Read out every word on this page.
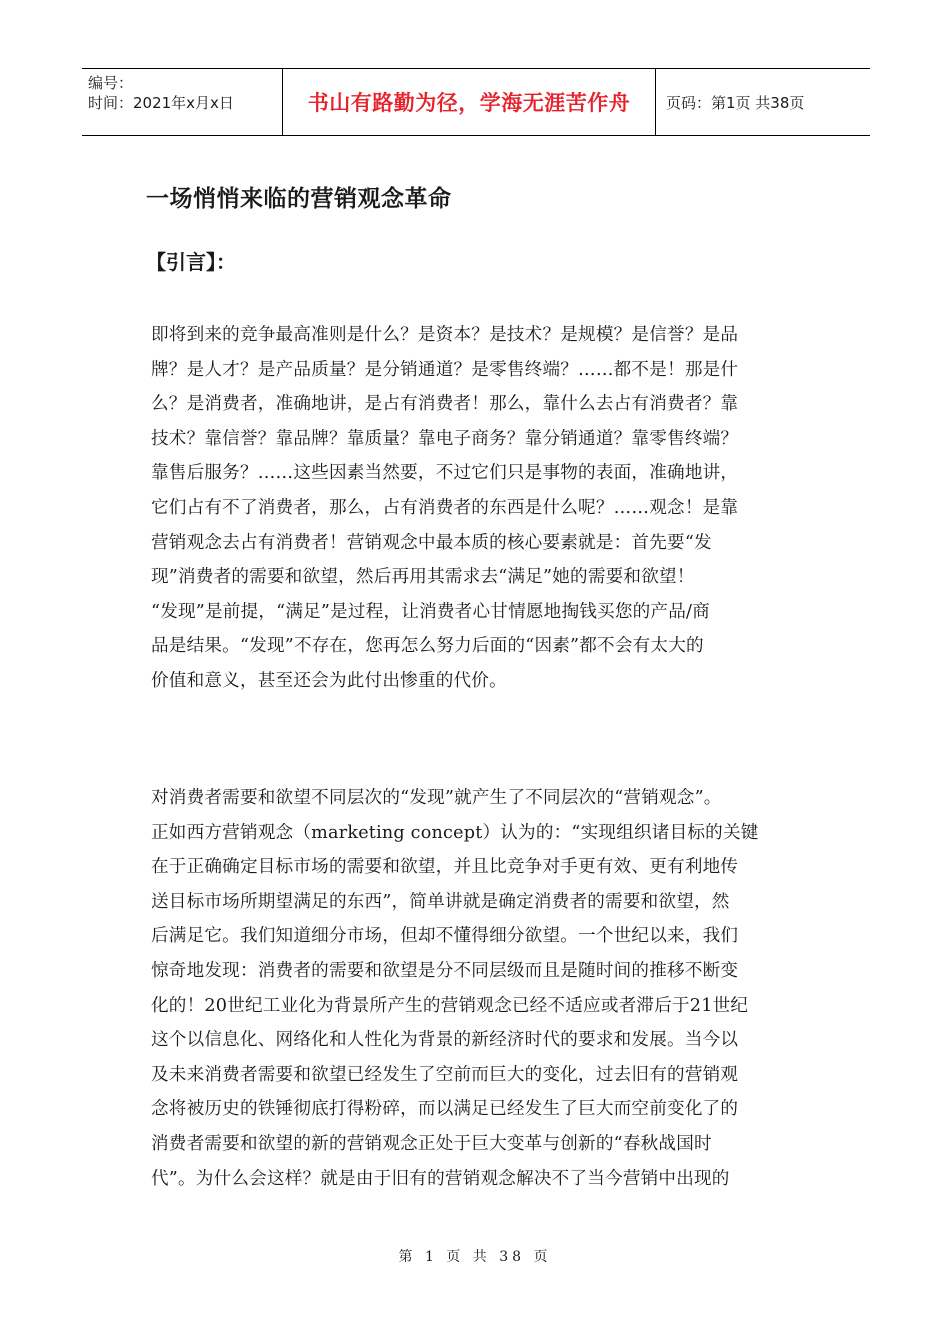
编号：
时间：2021年x月x日	书山有路勤为径，学海无涯苦作舟	页码：第1页 共38页
一场悄悄来临的营销观念革命
【引言】：

即将到来的竞争最高准则是什么？是资本？是技术？是规模？是信誉？是品
牌？是人才？是产品质量？是分销通道？是零售终端？……都不是！那是什
么？是消费者，准确地讲，是占有消费者！那么，靠什么去占有消费者？靠
技术？靠信誉？靠品牌？靠质量？靠电子商务？靠分销通道？靠零售终端？
靠售后服务？……这些因素当然要，不过它们只是事物的表面，准确地讲，
它们占有不了消费者，那么，占有消费者的东西是什么呢？……观念！是靠
营销观念去占有消费者！营销观念中最本质的核心要素就是：首先要“发
现”消费者的需要和欲望，然后再用其需求去“满足”她的需要和欲望！
“发现”是前提，“满足”是过程，让消费者心甘情愿地掏钱买您的产品/商
品是结果。“发现”不存在，您再怎么努力后面的“因素”都不会有太大的
价值和意义，甚至还会为此付出惨重的代价。

对消费者需要和欲望不同层次的“发现”就产生了不同层次的“营销观念”。
正如西方营销观念（marketing concept）认为的：“实现组织诸目标的关键
在于正确确定目标市场的需要和欲望，并且比竞争对手更有效、更有利地传
送目标市场所期望满足的东西”，简单讲就是确定消费者的需要和欲望，然
后满足它。我们知道细分市场，但却不懂得细分欲望。一个世纪以来，我们
惊奇地发现：消费者的需要和欲望是分不同层级而且是随时间的推移不断变
化的！20世纪工业化为背景所产生的营销观念已经不适应或者滞后于21世纪
这个以信息化、网络化和人性化为背景的新经济时代的要求和发展。当今以
及未来消费者需要和欲望已经发生了空前而巨大的变化，过去旧有的营销观
念将被历史的铁锤彻底打得粉碎，而以满足已经发生了巨大而空前变化了的
消费者需要和欲望的新的营销观念正处于巨大变革与创新的“春秋战国时
代”。为什么会这样？就是由于旧有的营销观念解决不了当今营销中出现的

第 1 页 共 38 页
